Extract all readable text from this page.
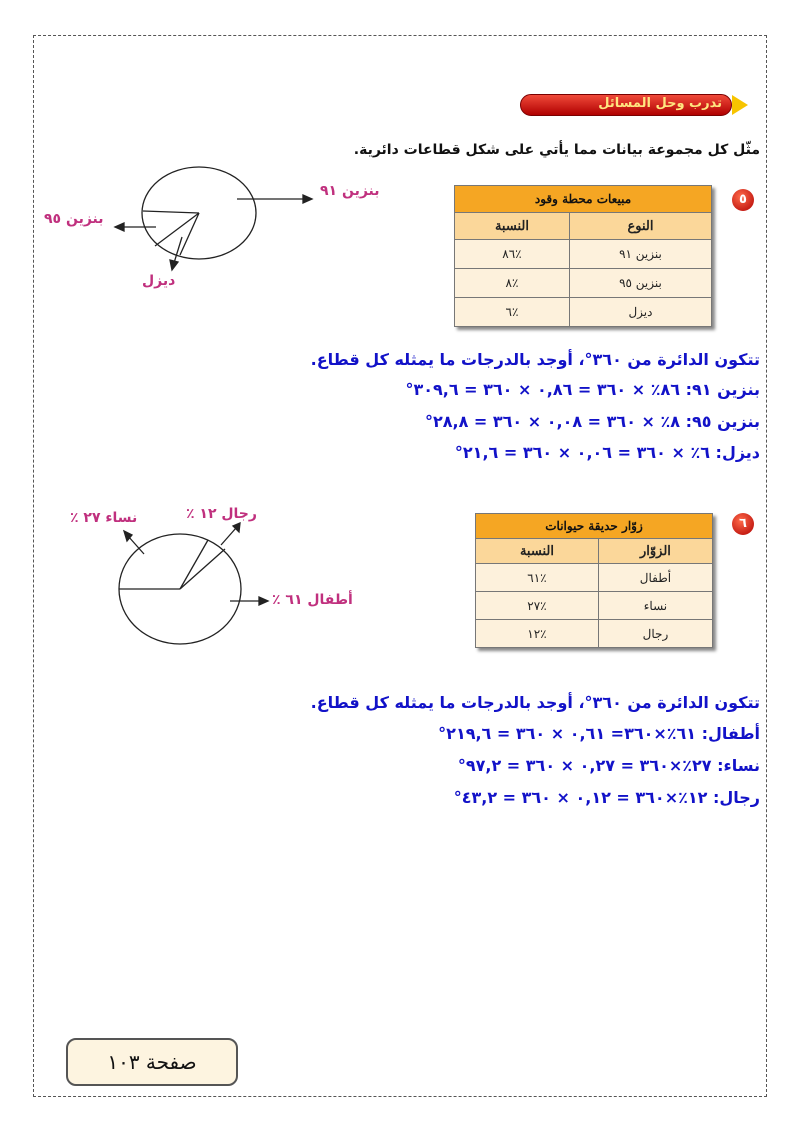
تدرب وحل المسائل
مثّل كل مجموعة بيانات مما يأتي على شكل قطاعات دائرية.
٥
مبيعات محطة وقود	
النوع	النسبة
بنزين ٩١	٪٨٦
بنزين ٩٥	٪٨
ديزل	٪٦
بنزين ٩١
بنزين ٩٥
ديزل
تتكون الدائرة من ٣٦٠°، أوجد بالدرجات ما يمثله كل قطاع.
بنزين ٩١: ٨٦٪ × ٣٦٠ = ٠,٨٦ × ٣٦٠ = ٣٠٩,٦°
بنزين ٩٥: ٨٪ × ٣٦٠ = ٠,٠٨ × ٣٦٠ = ٢٨,٨°
ديزل: ٦٪ × ٣٦٠ = ٠,٠٦ × ٣٦٠ = ٢١,٦°
٦
زوّار حديقة حيوانات	
الزوّار	النسبة
أطفال	٪٦١
نساء	٪٢٧
رجال	٪١٢
رجال ١٢ ٪
نساء ٢٧ ٪
أطفال ٦١ ٪
تتكون الدائرة من ٣٦٠°، أوجد بالدرجات ما يمثله كل قطاع.
أطفال: ٦١٪×٣٦٠= ٠,٦١ × ٣٦٠ = ٢١٩,٦°
نساء: ٢٧٪×٣٦٠ = ٠,٢٧ × ٣٦٠ = ٩٧,٢°
رجال: ١٢٪×٣٦٠ = ٠,١٢ × ٣٦٠ = ٤٣,٢°
صفحة ١٠٣
